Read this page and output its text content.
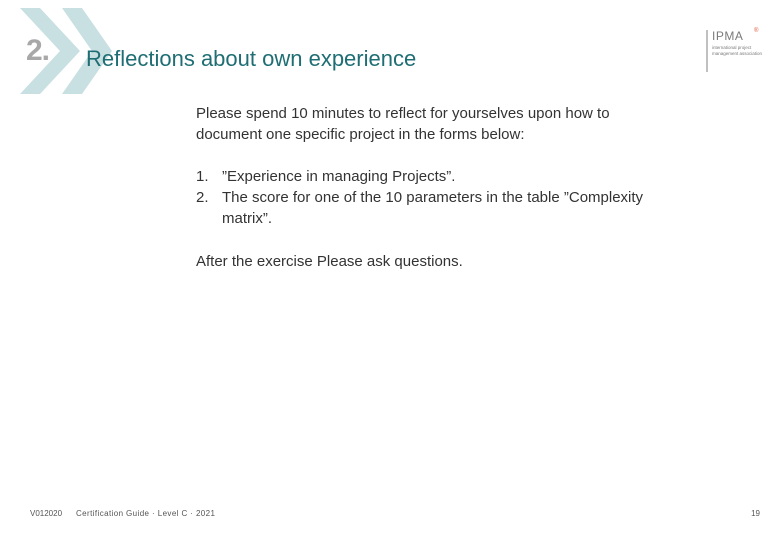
2. Reflections about own experience
IPMA ®
international project management association
Please spend 10 minutes to reflect for yourselves upon how to document one specific project in the forms below:
1. ”Experience in managing Projects”.
2. The score for one of the 10 parameters in the table ”Complexity matrix”.
After the exercise Please ask questions.
V012020 Certification Guide · Level C · 2021	19
